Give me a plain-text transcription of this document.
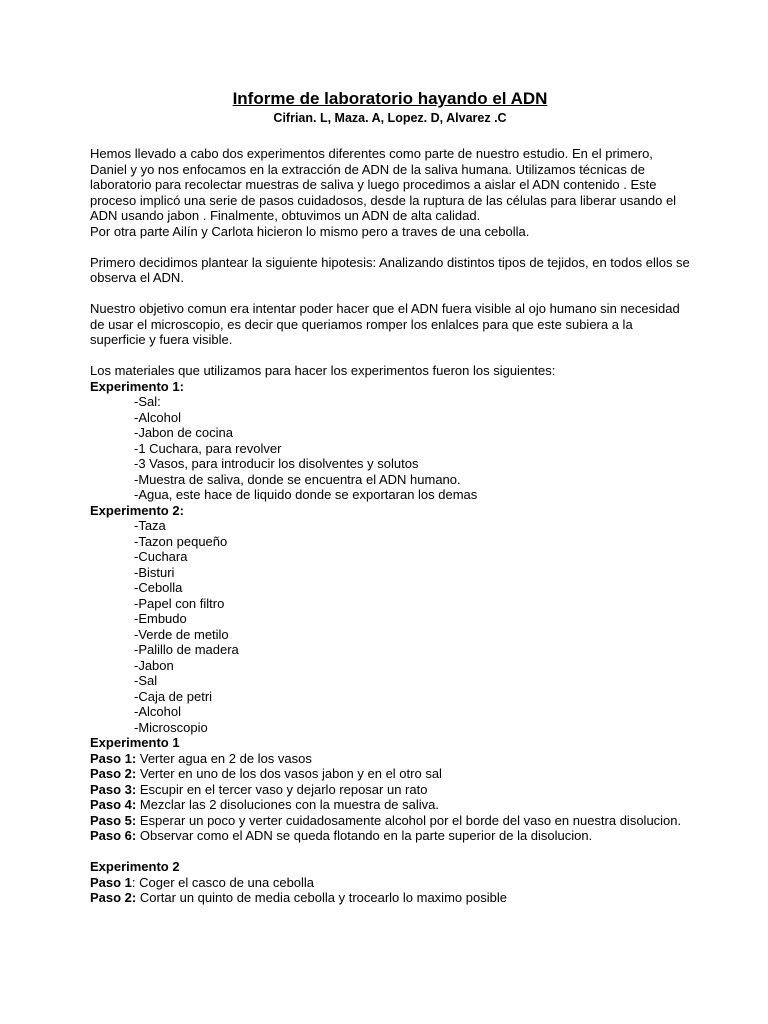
Informe de laboratorio hayando el ADN
Cifrian. L, Maza. A, Lopez. D, Alvarez .C

Hemos llevado a cabo dos experimentos diferentes como parte de nuestro estudio. En el primero, Daniel y yo nos enfocamos en la extracción de ADN de la saliva humana. Utilizamos técnicas de laboratorio para recolectar muestras de saliva y luego procedimos a aislar el ADN contenido . Este proceso implicó una serie de pasos cuidadosos, desde la ruptura de las células para liberar usando el ADN usando jabon . Finalmente, obtuvimos un ADN de alta calidad.

Por otra parte Ailín y Carlota hicieron lo mismo pero a traves de una cebolla.

Primero decidimos plantear la siguiente hipotesis: Analizando distintos tipos de tejidos, en todos ellos se observa el ADN.

Nuestro objetivo comun era intentar poder hacer que el ADN fuera visible al ojo humano sin necesidad de usar el microscopio, es decir que queriamos romper los enlalces para que este subiera a la superficie y fuera visible.

Los materiales que utilizamos para hacer los experimentos fueron los siguientes:

Experimento 1:
-Sal:
-Alcohol
-Jabon de cocina
-1 Cuchara, para revolver
-3 Vasos, para introducir los disolventes y solutos
-Muestra de saliva, donde se encuentra el ADN humano.
-Agua, este hace de liquido donde se exportaran los demas
Experimento 2:
-Taza
-Tazon pequeño
-Cuchara
-Bisturi
-Cebolla
-Papel con filtro
-Embudo
-Verde de metilo
-Palillo de madera
-Jabon
-Sal
-Caja de petri
-Alcohol
-Microscopio
Experimento 1
Paso 1: Verter agua en 2 de los vasos
Paso 2: Verter en uno de los dos vasos jabon y en el otro sal
Paso 3: Escupir en el tercer vaso y dejarlo reposar un rato
Paso 4: Mezclar las 2 disoluciones con la muestra de saliva.
Paso 5: Esperar un poco y verter cuidadosamente alcohol por el borde del vaso en nuestra disolucion.
Paso 6: Observar como el ADN se queda flotando en la parte superior de la disolucion.
Experimento 2
Paso 1: Coger el casco de una cebolla
Paso 2: Cortar un quinto de media cebolla y trocearlo lo maximo posible
